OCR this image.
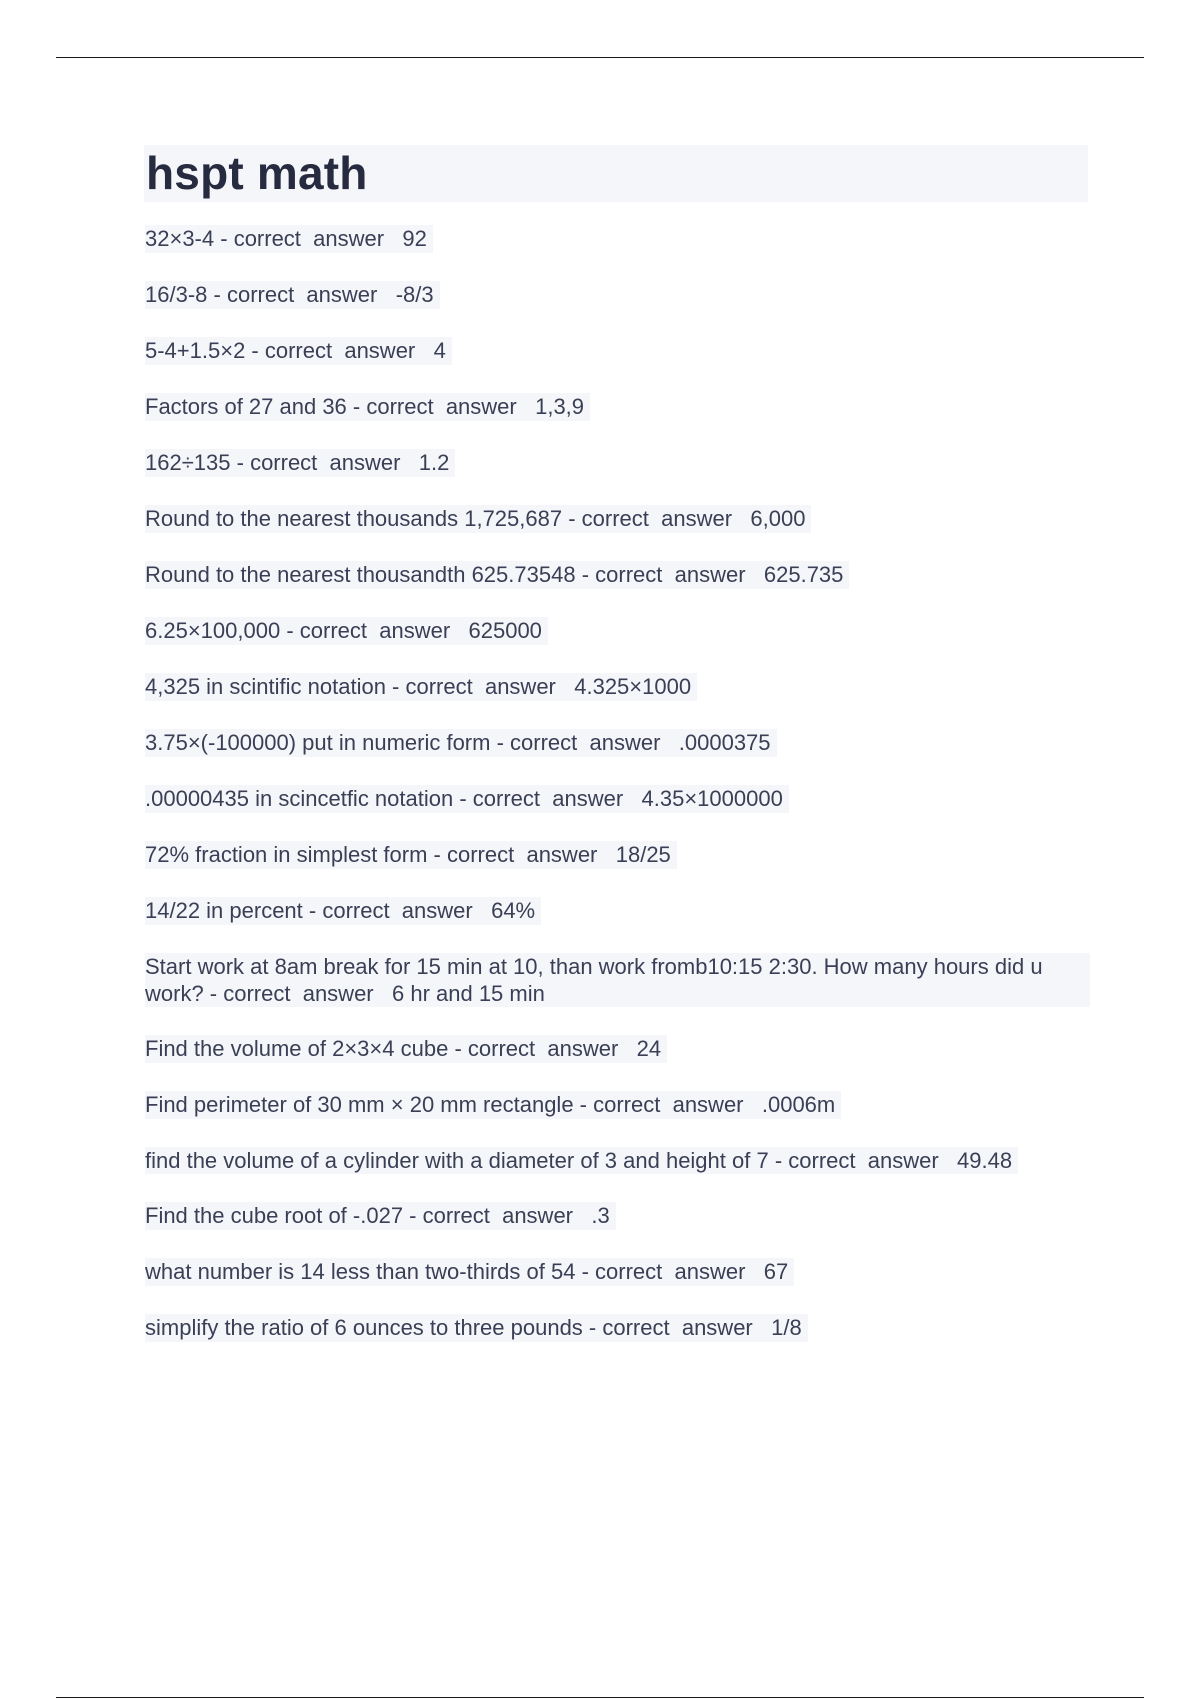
hspt math
32×3-4 - correct  answer 92
16/3-8 - correct  answer -8/3
5-4+1.5×2 - correct  answer 4
Factors of 27 and 36 - correct  answer 1,3,9
162÷135 - correct  answer 1.2
Round to the nearest thousands 1,725,687 - correct  answer 6,000
Round to the nearest thousandth 625.73548 - correct  answer 625.735
6.25×100,000 - correct  answer 625000
4,325 in scintific notation - correct  answer 4.325×1000
3.75×(-100000) put in numeric form - correct  answer .0000375
.00000435 in scincetfic notation - correct  answer 4.35×1000000
72% fraction in simplest form - correct  answer 18/25
14/22 in percent - correct  answer 64%
Start work at 8am break for 15 min at 10, than work fromb10:15 2:30. How many hours did u work? - correct  answer 6 hr and 15 min
Find the volume of 2×3×4 cube - correct  answer 24
Find perimeter of 30 mm × 20 mm rectangle - correct  answer .0006m
find the volume of a cylinder with a diameter of 3 and height of 7 - correct  answer 49.48
Find the cube root of -.027 - correct  answer .3
what number is 14 less than two-thirds of 54 - correct  answer 67
simplify the ratio of 6 ounces to three pounds - correct  answer 1/8
